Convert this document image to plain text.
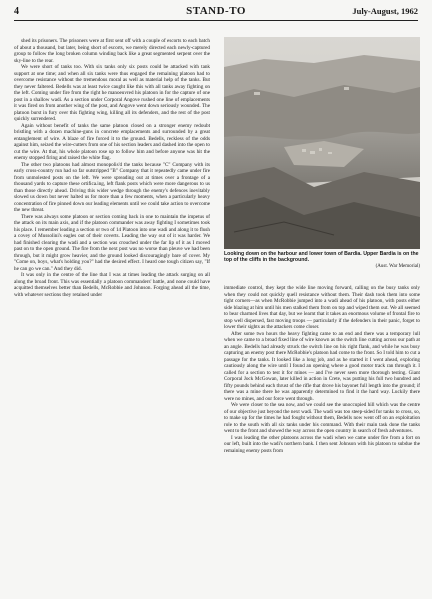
4	STAND-TO	July-August, 1962

shed its prisoners. The prisoners were at first sent off with a couple of escorts to each batch of about a thousand, but later, being short of escorts, we merely directed each newly-captured group to follow the long broken column winding back like a great segmented serpent over the sky-line to the rear.

We were short of tanks too. With six tanks only six posts could be attacked with tank support at one time; and when all six tanks were thus engaged the remaining platoon had to overcome resistance without the tremendous moral as well as material help of the tanks. But they never faltered. Bedells was at least twice caught like this with all tanks away fighting on the left. Coming under fire from the right he manoeuvred his platoon in for the capture of one post in a shallow wadi. As a section under Corporal Angove rushed one line of emplacements it was fired on from another wing of the post, and Angove went down seriously wounded. The platoon burst in fury over this fighting wing, killing all its defenders, and the rest of the post quickly surrendered.

Again without benefit of tanks the same platoon closed on a stronger enemy redoubt bristling with a dozen machine-guns in concrete emplacements and surrounded by a great entanglement of wire. A blaze of fire forced it to the ground. Bedells, reckless of the odds against him, seized the wire-cutters from one of his section leaders and dashed into the open to cut the wire. At that, his whole platoon rose up to follow him and before anyone was hit the enemy stopped firing and raised the white flag.

The other two platoons had almost monopolis'd the tanks because "C" Company with its early cross-country run had so far outstripped "B" Company that it repeatedly came under fire from unmolested posts on the left. We were spreading out at times over a frontage of a thousand yards to capture these ortifica.ing, left flank posts which were more dangerous to us than those directly ahead. Driving this wider wedge through the enemy's defences inevitably slowed us down but never halted us for more than a few moments, when a particularly heavy concentration of fire pinned down our leading elements until we could take action to overcome the new threat.

There was always some platoon or section coming back in one to maintain the impetus of the attack on its main axis, and if the platoon commander was away fighting I sometimes took his place. I remember leading a section or two of 14 Platoon into one wadi and along it to flush a covey of Mussolini's eagles out of their coverts. Leading the way out of it was harder. We had finished clearing the wadi and a section was crouched under the far lip of it as I moved past on to the open ground. The fire from the next post was no worse than pleuve we had been through, but it might grow heavier, and the ground looked discouragingly bare of cover. My "Come on, boys, what's holding you?" had the desired effect. I heard one tough citizen say, "If he can go we can." And they did.

It was only in the centre of the line that I was at times leading the attack surging on all along the broad front. This was essentially a platoon commanders' battle, and none could have acquitted themselves better than Bedells, McRobbie and Johnson. Forging ahead all the time, with whatever sections they retained under

Looking down on the harbour and lower town of Bardia. Upper Bardia is on the top of the cliffs in the background.
(Aust. War Memorial)

immediate control, they kept the wide line moving forward, calling on the busy tanks only when they could not quickly quell resistance without them. Their dash took them into some tight corners—as when McRobbie jumped into a wadi ahead of his platoon, with posts either side blazing at him until his men stalked them from on top and wiped them out. We all seemed to bear charmed lives that day, but we learnt that it takes an enormous volume of frontal fire to stop well dispersed, fast moving troops — particularly if the defenders in their panic, forget to lower their sights as the attackers come closer.

After some two hours the heavy fighting came to an end and there was a temporary lull when we came to a broad fixed line of wire known as the switch line cutting across our path at an angle. Bedells had already struck the switch line on his right flank, and while he was busy capturing an enemy post there McRobbie's platoon had come to the front. So I told him to cut a passage for the tanks. It looked like a long job, and as he started it I went ahead, exploring cautiously along the wire until I found an opening where a good motor track ran through it. I called for a section to test it for mines — and I've never seen more thorough testing. Giant Corporal Jock McGowan, later killed in action in Crete, was putting his full two hundred and fifty pounds behind each thrust of the rifle that drove his bayonet full length into the ground; if there was a mine there he was apparently determined to find it the hard way. Luckily there were no mines, and our force went through.

We were closer to the sea now, and we could see the unoccupied hill which was the centre of our objective just beyond the next wadi. The wadi was too steep-sided for tanks to cross, so, to make up for the times he had fought without them, Bedells now went off on an exploitation role to the south with all six tanks under his command. With their main task done the tanks went to the front and showed the way across the open country in search of fresh adventures.

I was leading the other platoons across the wadi when we came under fire from a fort on our left, built into the wadi's northern bank. I then sent Johnson with his platoon to subdue the remaining enemy posts from
